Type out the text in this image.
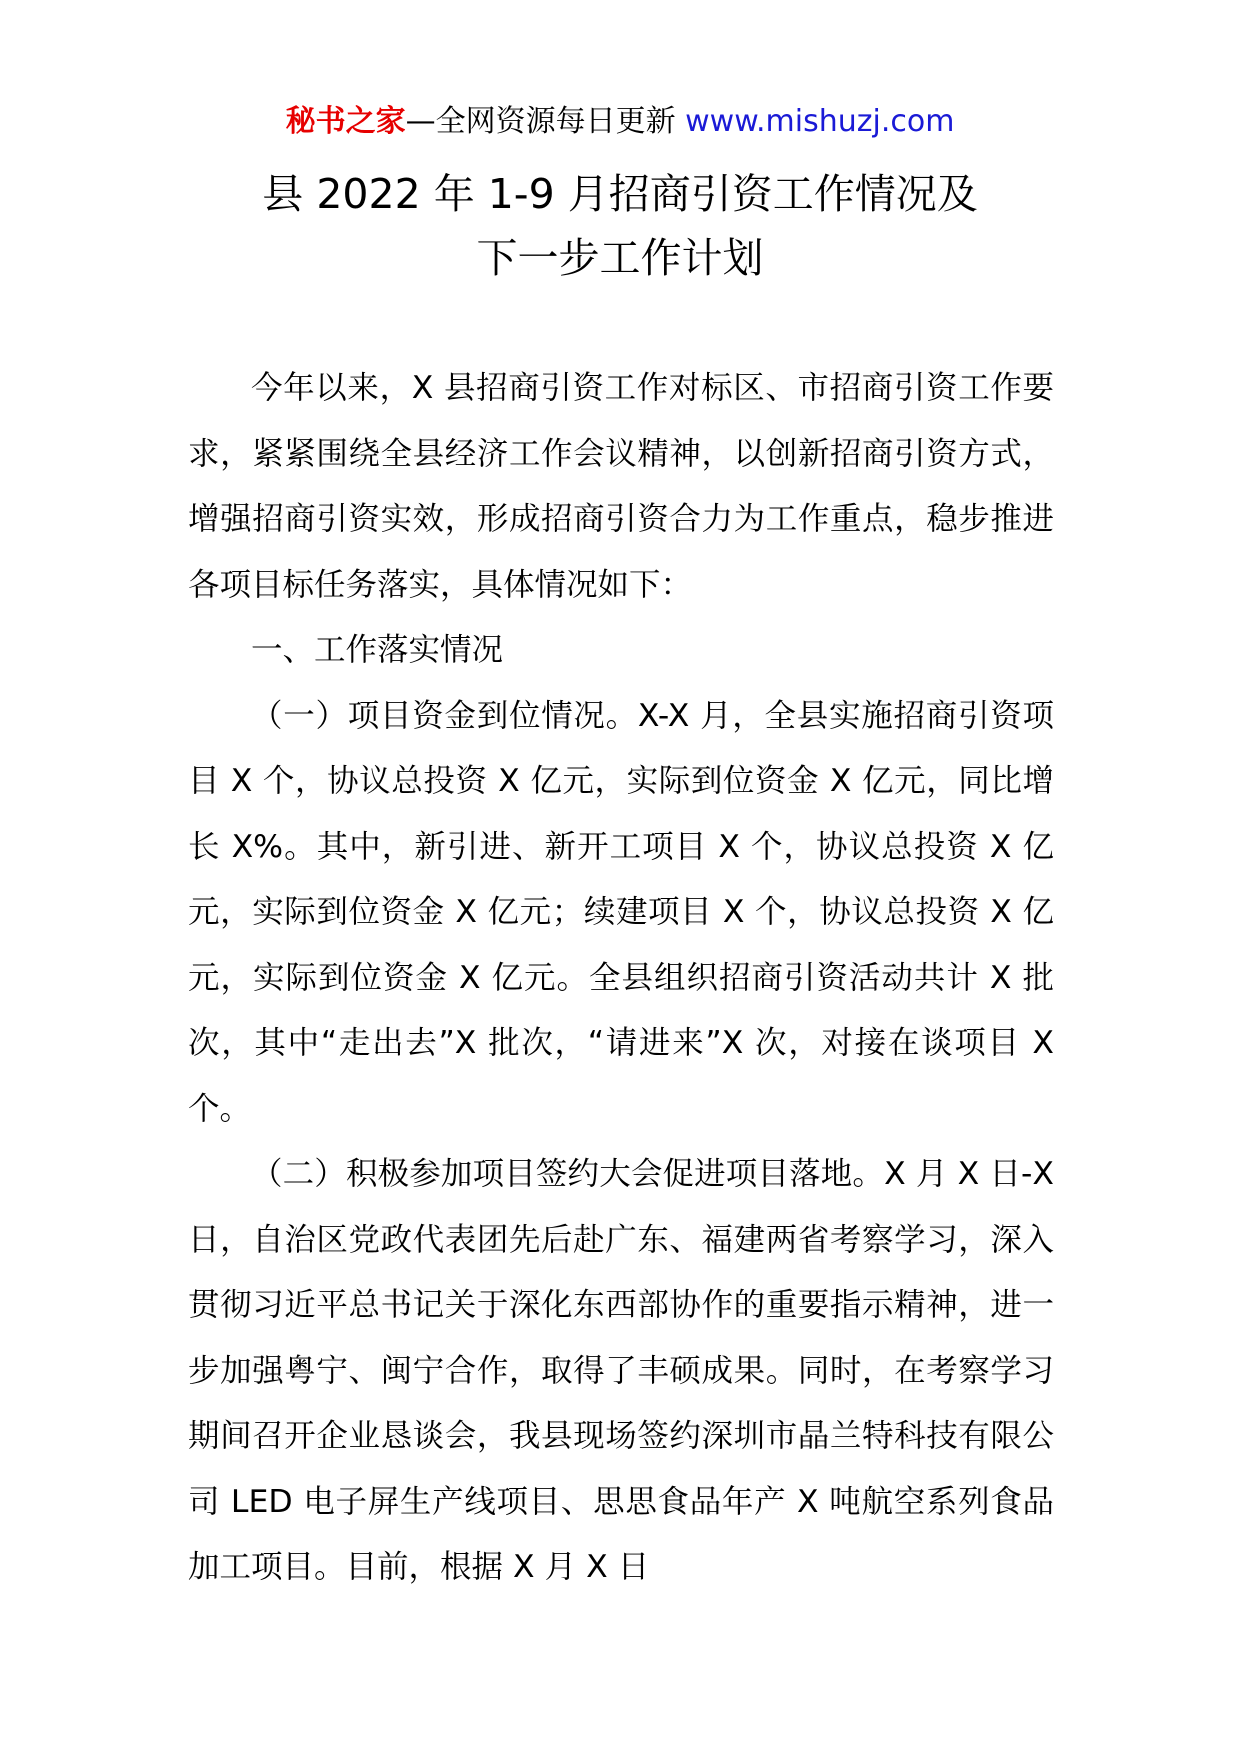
秘书之家—全网资源每日更新 www.mishuzj.com
县 2022 年 1-9 月招商引资工作情况及
下一步工作计划

今年以来，X 县招商引资工作对标区、市招商引资工作要求，紧紧围绕全县经济工作会议精神，以创新招商引资方式，增强招商引资实效，形成招商引资合力为工作重点，稳步推进各项目标任务落实，具体情况如下：

一、工作落实情况

（一）项目资金到位情况。X-X 月，全县实施招商引资项目 X 个，协议总投资 X 亿元，实际到位资金 X 亿元，同比增长 X%。其中，新引进、新开工项目 X 个，协议总投资 X 亿元，实际到位资金 X 亿元；续建项目 X 个，协议总投资 X 亿元，实际到位资金 X 亿元。全县组织招商引资活动共计 X 批次，其中“走出去”X 批次，“请进来”X 次，对接在谈项目 X 个。

（二）积极参加项目签约大会促进项目落地。X 月 X 日-X 日，自治区党政代表团先后赴广东、福建两省考察学习，深入贯彻习近平总书记关于深化东西部协作的重要指示精神，进一步加强粤宁、闽宁合作，取得了丰硕成果。同时，在考察学习期间召开企业恳谈会，我县现场签约深圳市晶兰特科技有限公司 LED 电子屏生产线项目、思思食品年产 X 吨航空系列食品加工项目。目前，根据 X 月 X 日
